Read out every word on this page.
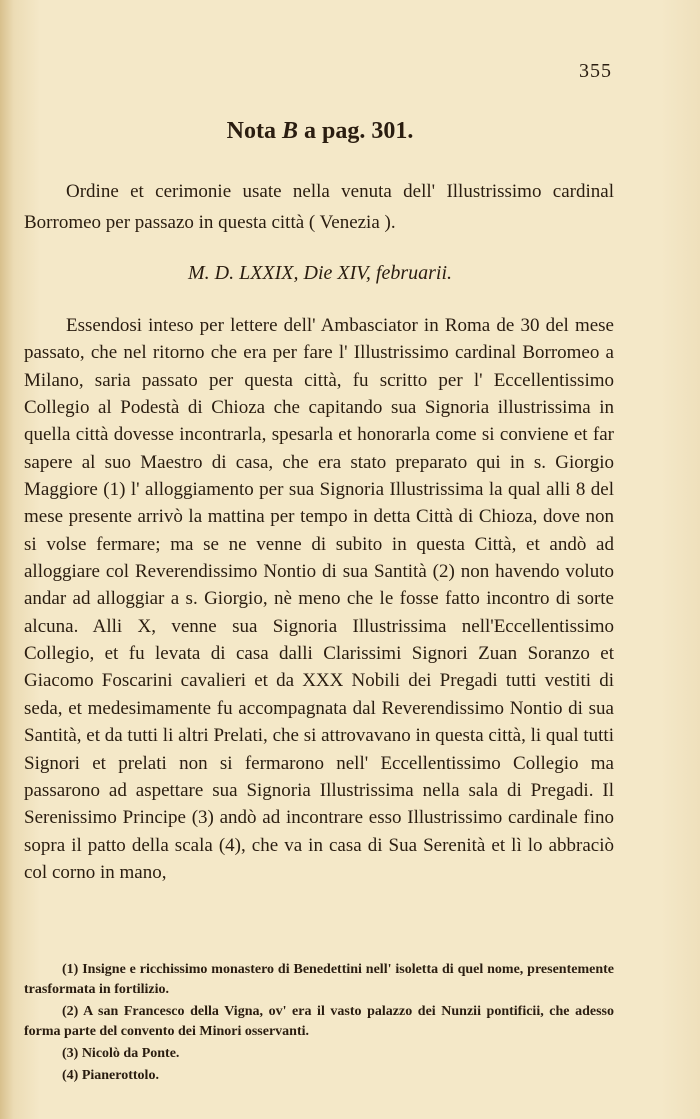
355
Nota B a pag. 301.

Ordine et cerimonie usate nella venuta dell' Illustrissimo cardinal Borromeo per passazo in questa città ( Venezia ).

M. D. LXXIX, Die XIV, februarii.

Essendosi inteso per lettere dell' Ambasciator in Roma de 30 del mese passato, che nel ritorno che era per fare l' Illustrissimo cardinal Borromeo a Milano, saria passato per questa città, fu scritto per l' Eccellentissimo Collegio al Podestà di Chioza che capitando sua Signoria illustrissima in quella città dovesse incontrarla, spesarla et honorarla come si conviene et far sapere al suo Maestro di casa, che era stato preparato qui in s. Giorgio Maggiore (1) l' alloggiamento per sua Signoria Illustrissima la qual alli 8 del mese presente arrivò la mattina per tempo in detta Città di Chioza, dove non si volse fermare; ma se ne venne di subito in questa Città, et andò ad alloggiare col Reverendissimo Nontio di sua Santità (2) non havendo voluto andar ad alloggiar a s. Giorgio, nè meno che le fosse fatto incontro di sorte alcuna. Alli X, venne sua Signoria Illustrissima nell'Eccellentissimo Collegio, et fu levata di casa dalli Clarissimi Signori Zuan Soranzo et Giacomo Foscarini cavalieri et da XXX Nobili dei Pregadi tutti vestiti di seda, et medesimamente fu accompagnata dal Reverendissimo Nontio di sua Santità, et da tutti li altri Prelati, che si attrovavano in questa città, li qual tutti Signori et prelati non si fermarono nell' Eccellentissimo Collegio ma passarono ad aspettare sua Signoria Illustrissima nella sala di Pregadi. Il Serenissimo Principe (3) andò ad incontrare esso Illustrissimo cardinale fino sopra il patto della scala (4), che va in casa di Sua Serenità et lì lo abbraciò col corno in mano,

(1) Insigne e ricchissimo monastero di Benedettini nell' isoletta di quel nome, presentemente trasformata in fortilizio.

(2) A san Francesco della Vigna, ov' era il vasto palazzo dei Nunzii pontificii, che adesso forma parte del convento dei Minori osservanti.

(3) Nicolò da Ponte.

(4) Pianerottolo.
